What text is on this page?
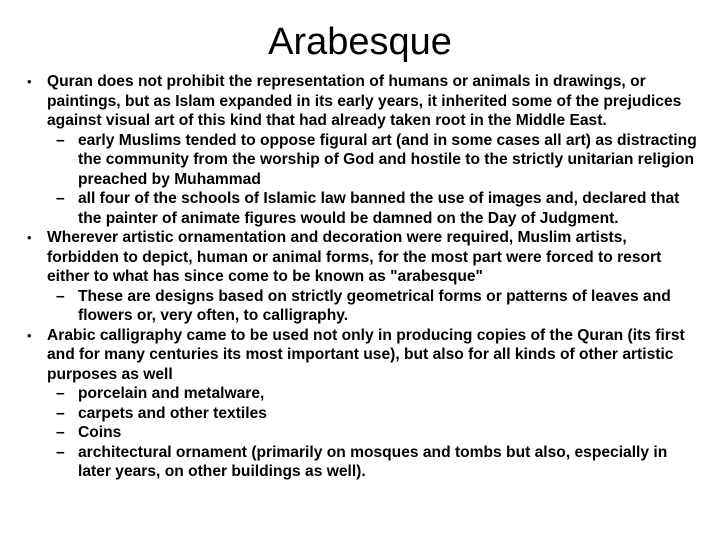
Arabesque
• Quran does not prohibit the representation of humans or animals in drawings, or paintings, but as Islam expanded in its early years, it inherited some of the prejudices against visual art of this kind that had already taken root in the Middle East.
– early Muslims tended to oppose figural art (and in some cases all art) as distracting the community from the worship of God and hostile to the strictly unitarian religion preached by Muhammad
– all four of the schools of Islamic law banned the use of images and, declared that the painter of animate figures would be damned on the Day of Judgment.
• Wherever artistic ornamentation and decoration were required, Muslim artists, forbidden to depict, human or animal forms, for the most part were forced to resort either to what has since come to be known as "arabesque"
– These are designs based on strictly geometrical forms or patterns of leaves and flowers or, very often, to calligraphy.
• Arabic calligraphy came to be used not only in producing copies of the Quran (its first and for many centuries its most important use), but also for all kinds of other artistic purposes as well
– porcelain and metalware,
– carpets and other textiles
– Coins
– architectural ornament (primarily on mosques and tombs but also, especially in later years, on other buildings as well).
